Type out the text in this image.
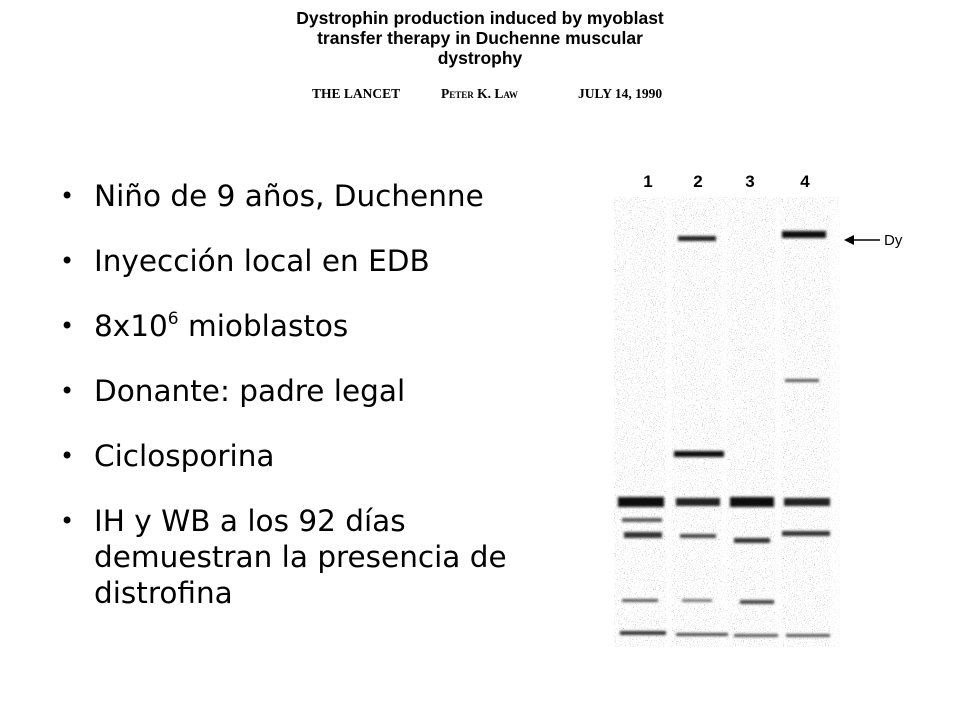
Dystrophin production induced by myoblast
transfer therapy in Duchenne muscular
dystrophy
THE LANCET	Peter K. Law	JULY 14, 1990
• Niño de 9 años, Duchenne
• Inyección local en EDB
• $8x10^6$ mioblastos
• Donante: padre legal
• Ciclosporina
• IH y WB a los 92 días
demuestran la presencia de
distrofina
1 2	3	4
Dy
